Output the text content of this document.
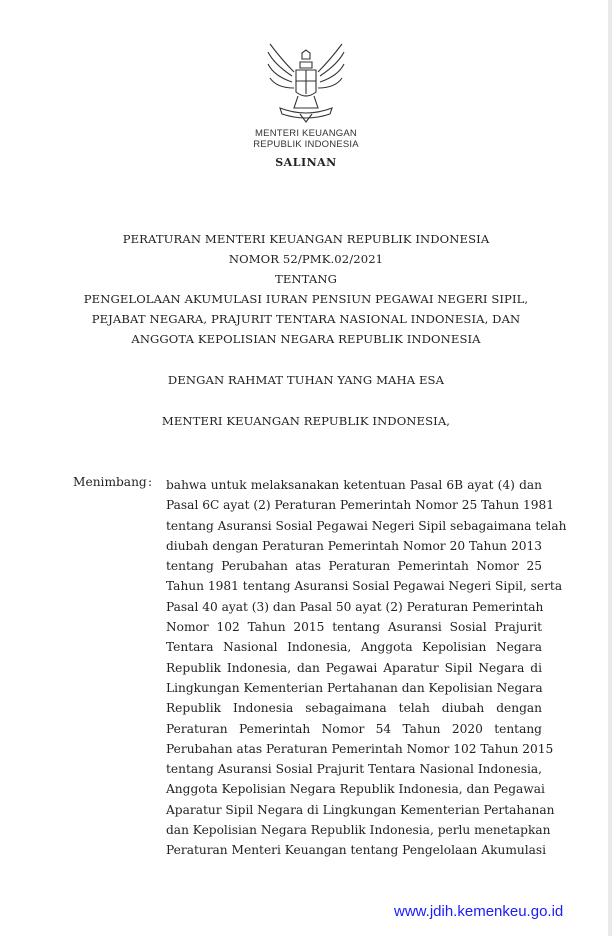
MENTERI KEUANGAN
REPUBLIK INDONESIA
SALINAN
PERATURAN MENTERI KEUANGAN REPUBLIK INDONESIA
NOMOR 52/PMK.02/2021
TENTANG
PENGELOLAAN AKUMULASI IURAN PENSIUN PEGAWAI NEGERI SIPIL,
PEJABAT NEGARA, PRAJURIT TENTARA NASIONAL INDONESIA, DAN
ANGGOTA KEPOLISIAN NEGARA REPUBLIK INDONESIA
DENGAN RAHMAT TUHAN YANG MAHA ESA
MENTERI KEUANGAN REPUBLIK INDONESIA,
Menimbang : bahwa untuk melaksanakan ketentuan Pasal 6B ayat (4) dan
Pasal 6C ayat (2) Peraturan Pemerintah Nomor 25 Tahun 1981
tentang Asuransi Sosial Pegawai Negeri Sipil sebagaimana telah
diubah dengan Peraturan Pemerintah Nomor 20 Tahun 2013
tentang Perubahan atas Peraturan Pemerintah Nomor 25
Tahun 1981 tentang Asuransi Sosial Pegawai Negeri Sipil, serta
Pasal 40 ayat (3) dan Pasal 50 ayat (2) Peraturan Pemerintah
Nomor 102 Tahun 2015 tentang Asuransi Sosial Prajurit
Tentara Nasional Indonesia, Anggota Kepolisian Negara
Republik Indonesia, dan Pegawai Aparatur Sipil Negara di
Lingkungan Kementerian Pertahanan dan Kepolisian Negara
Republik Indonesia sebagaimana telah diubah dengan
Peraturan Pemerintah Nomor 54 Tahun 2020 tentang
Perubahan atas Peraturan Pemerintah Nomor 102 Tahun 2015
tentang Asuransi Sosial Prajurit Tentara Nasional Indonesia,
Anggota Kepolisian Negara Republik Indonesia, dan Pegawai
Aparatur Sipil Negara di Lingkungan Kementerian Pertahanan
dan Kepolisian Negara Republik Indonesia, perlu menetapkan
Peraturan Menteri Keuangan tentang Pengelolaan Akumulasi
www.jdih.kemenkeu.go.id
